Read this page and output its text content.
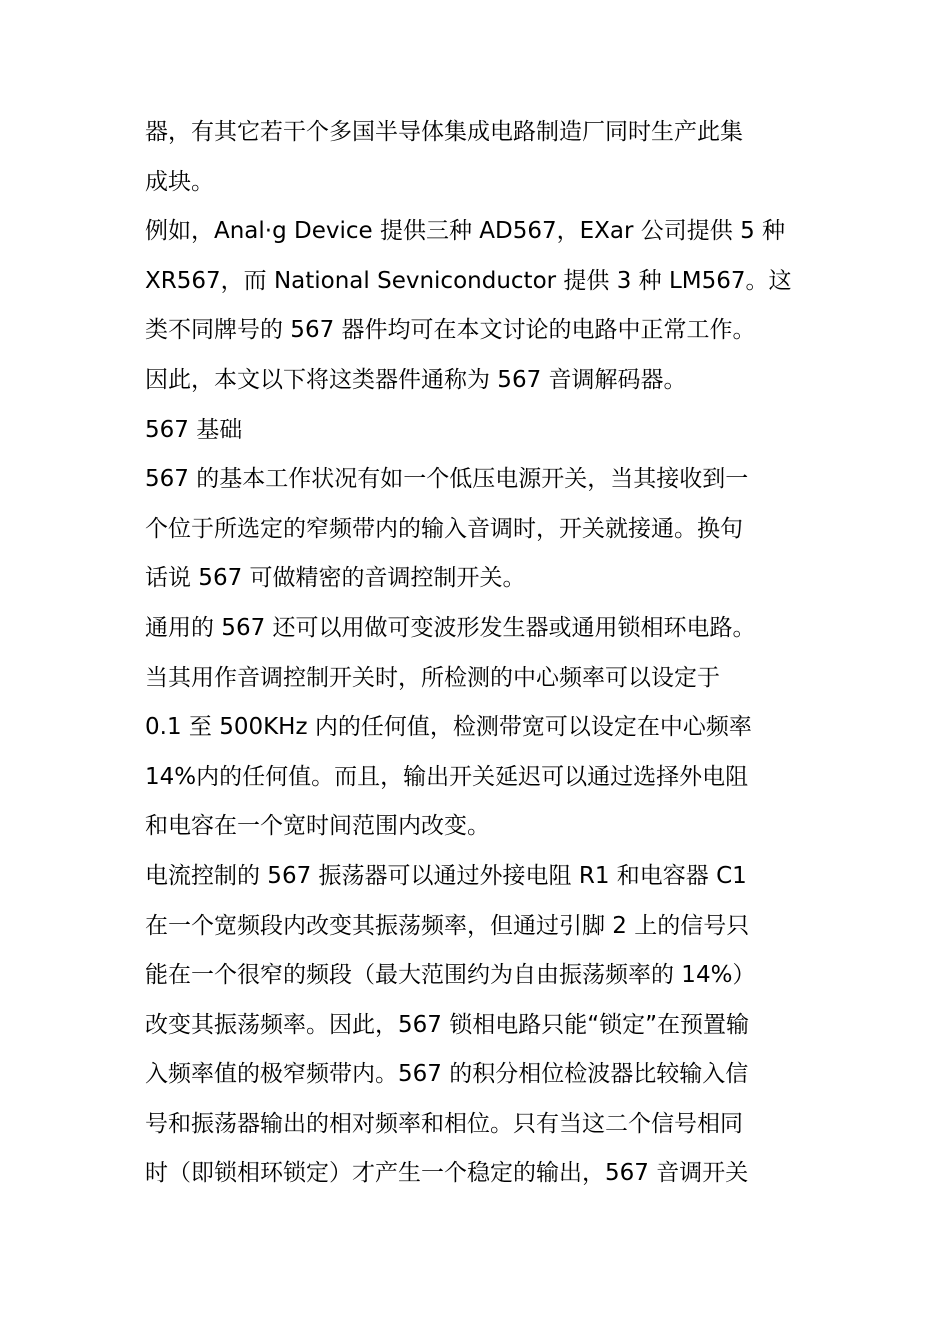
器，有其它若干个多国半导体集成电路制造厂同时生产此集
成块。
例如，Anal·g Device 提供三种 AD567，EXar 公司提供 5 种
XR567，而 National Sevniconductor 提供 3 种 LM567。这
类不同牌号的 567 器件均可在本文讨论的电路中正常工作。
因此，本文以下将这类器件通称为 567 音调解码器。
567 基础
567 的基本工作状况有如一个低压电源开关，当其接收到一
个位于所选定的窄频带内的输入音调时，开关就接通。换句
话说 567 可做精密的音调控制开关。
通用的 567 还可以用做可变波形发生器或通用锁相环电路。
当其用作音调控制开关时，所检测的中心频率可以设定于
0.1 至 500KHz 内的任何值，检测带宽可以设定在中心频率
14%内的任何值。而且，输出开关延迟可以通过选择外电阻
和电容在一个宽时间范围内改变。
电流控制的 567 振荡器可以通过外接电阻 R1 和电容器 C1
在一个宽频段内改变其振荡频率，但通过引脚 2 上的信号只
能在一个很窄的频段（最大范围约为自由振荡频率的 14%）
改变其振荡频率。因此，567 锁相电路只能“锁定”在预置输
入频率值的极窄频带内。567 的积分相位检波器比较输入信
号和振荡器输出的相对频率和相位。只有当这二个信号相同
时（即锁相环锁定）才产生一个稳定的输出，567 音调开关
